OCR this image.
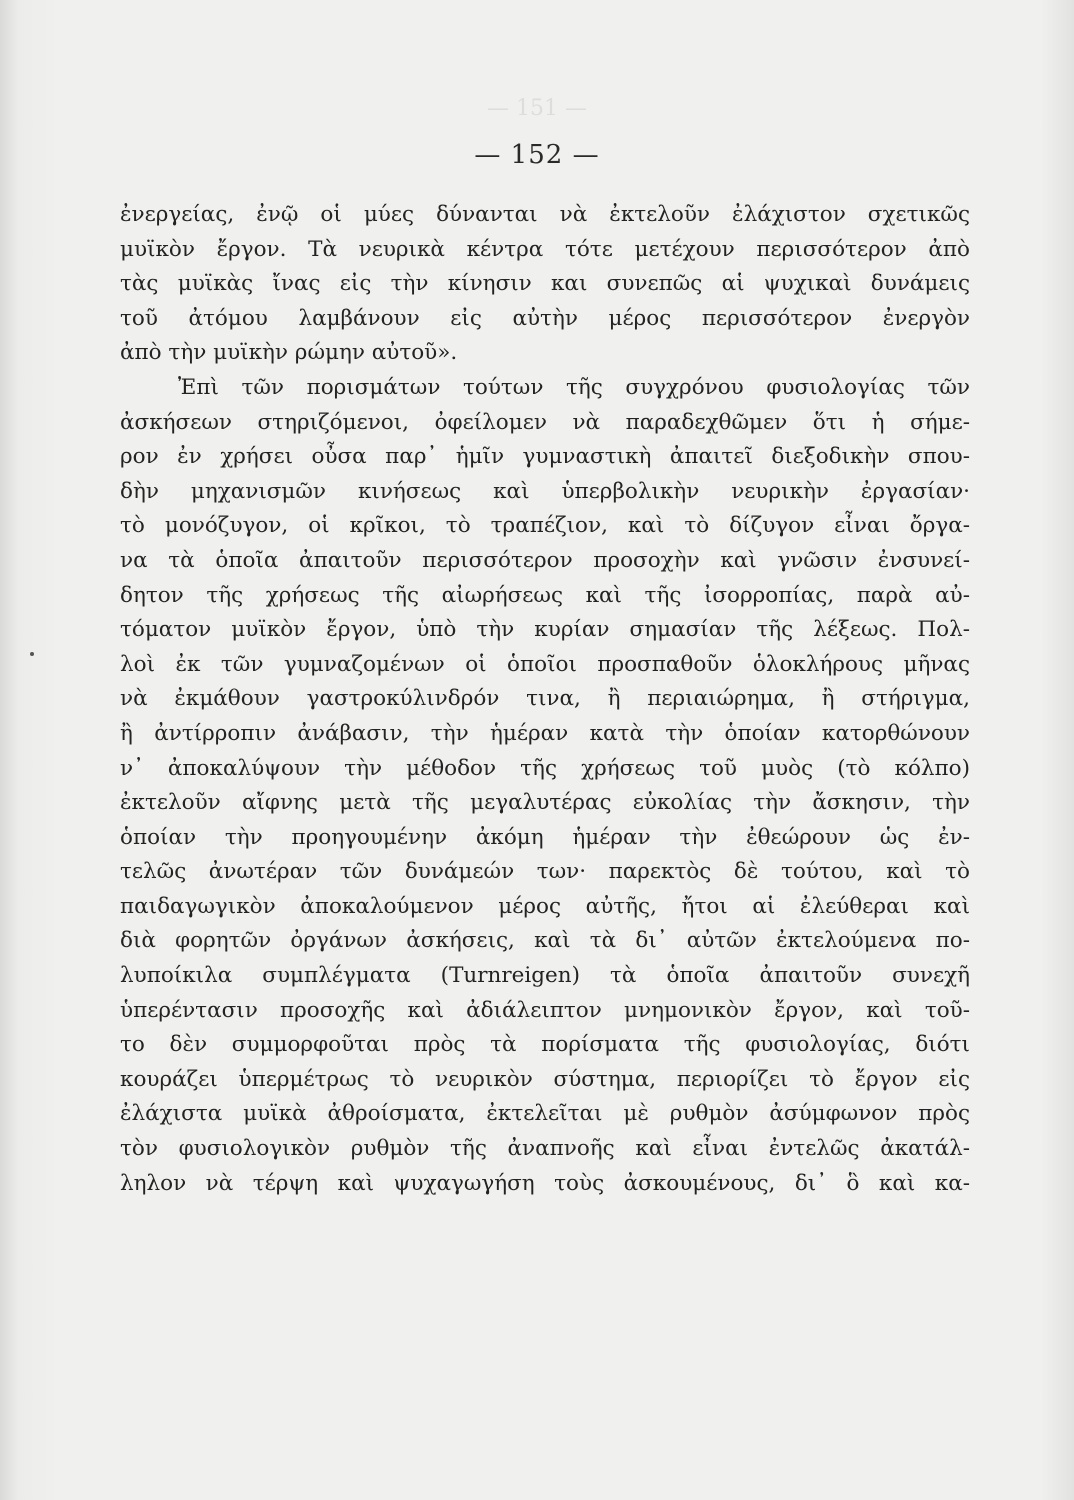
— 151 —
— 152 —
ἐνεργείας, ἐνῷ οἱ μύες δύνανται νὰ ἐκτελοῦν ἐλάχιστον σχετικῶς
μυϊκὸν ἔργον. Τὰ νευρικὰ κέντρα τότε μετέχουν περισσότερον ἀπὸ
τὰς μυϊκὰς ἴνας εἰς τὴν κίνησιν και συνεπῶς αἱ ψυχικαὶ δυνάμεις
τοῦ ἀτόμου λαμβάνουν εἰς αὐτὴν μέρος περισσότερον ἐνεργὸν
ἀπὸ τὴν μυϊκὴν ρώμην αὐτοῦ».
Ἐπὶ τῶν πορισμάτων τούτων τῆς συγχρόνου φυσιολογίας τῶν
ἀσκήσεων στηριζόμενοι, ὀφείλομεν νὰ παραδεχθῶμεν ὅτι ἡ σήμε-
ρον ἐν χρήσει οὖσα παρ᾽ ἡμῖν γυμναστικὴ ἀπαιτεῖ διεξοδικὴν σπου-
δὴν μηχανισμῶν κινήσεως καὶ ὑπερβολικὴν νευρικὴν ἐργασίαν·
τὸ μονόζυγον, οἱ κρῖκοι, τὸ τραπέζιον, καὶ τὸ δίζυγον εἶναι ὄργα-
να τὰ ὁποῖα ἀπαιτοῦν περισσότερον προσοχὴν καὶ γνῶσιν ἐνσυνεί-
δητον τῆς χρήσεως τῆς αἰωρήσεως καὶ τῆς ἰσορροπίας, παρὰ αὐ-
τόματον μυϊκὸν ἔργον, ὑπὸ τὴν κυρίαν σημασίαν τῆς λέξεως. Πολ-
λοὶ ἐκ τῶν γυμναζομένων οἱ ὁποῖοι προσπαθοῦν ὁλοκλήρους μῆνας
νὰ ἐκμάθουν γαστροκύλινδρόν τινα, ἢ περιαιώρημα, ἢ στήριγμα,
ἢ ἀντίρροπιν ἀνάβασιν, τὴν ἡμέραν κατὰ τὴν ὁποίαν κατορθώνουν
ν᾽ ἀποκαλύψουν τὴν μέθοδον τῆς χρήσεως τοῦ μυὸς (τὸ κόλπο)
ἐκτελοῦν αἴφνης μετὰ τῆς μεγαλυτέρας εὐκολίας τὴν ἄσκησιν, τὴν
ὁποίαν τὴν προηγουμένην ἀκόμη ἡμέραν τὴν ἐθεώρουν ὡς ἐν-
τελῶς ἀνωτέραν τῶν δυνάμεών των· παρεκτὸς δὲ τούτου, καὶ τὸ
παιδαγωγικὸν ἀποκαλούμενον μέρος αὐτῆς, ἤτοι αἱ ἐλεύθεραι καὶ
διὰ φορητῶν ὀργάνων ἀσκήσεις, καὶ τὰ δι᾽ αὐτῶν ἐκτελούμενα πο-
λυποίκιλα συμπλέγματα (Turnreigen) τὰ ὁποῖα ἀπαιτοῦν συνεχῆ
ὑπερέντασιν προσοχῆς καὶ ἀδιάλειπτον μνημονικὸν ἔργον, καὶ τοῦ-
το δὲν συμμορφοῦται πρὸς τὰ πορίσματα τῆς φυσιολογίας, διότι
κουράζει ὑπερμέτρως τὸ νευρικὸν σύστημα, περιορίζει τὸ ἔργον εἰς
ἐλάχιστα μυϊκὰ ἀθροίσματα, ἐκτελεῖται μὲ ρυθμὸν ἀσύμφωνον πρὸς
τὸν φυσιολογικὸν ρυθμὸν τῆς ἀναπνοῆς καὶ εἶναι ἐντελῶς ἀκατάλ-
ληλον νὰ τέρψη καὶ ψυχαγωγήση τοὺς ἀσκουμένους, δι᾽ ὃ καὶ κα-
